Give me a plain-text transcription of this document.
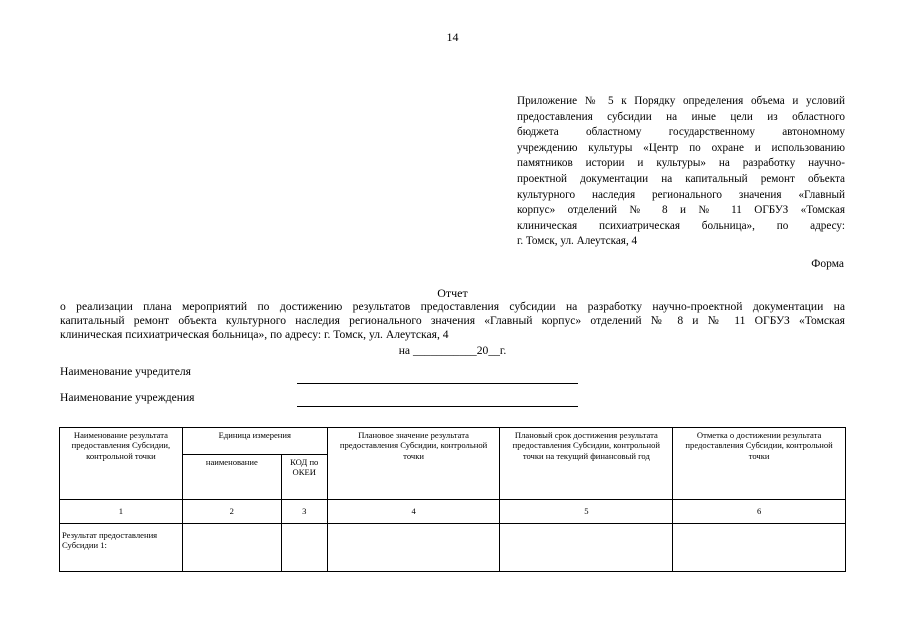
14
Приложение № 5 к Порядку определения объема и условий
предоставления субсидии на иные цели из областного
бюджета областному государственному автономному
учреждению культуры «Центр по охране и использованию
памятников истории и культуры» на разработку научно-
проектной документации на капитальный ремонт объекта
культурного наследия регионального значения «Главный
корпус» отделений № 8 и № 11 ОГБУЗ «Томская
клиническая психиатрическая больница», по адресу:
г. Томск, ул. Алеутская, 4
Форма
Отчет
о реализации плана мероприятий по достижению результатов предоставления субсидии на разработку научно-проектной документации на
капитальный ремонт объекта культурного наследия регионального значения «Главный корпус» отделений № 8 и № 11 ОГБУЗ «Томская
клиническая психиатрическая больница», по адресу: г. Томск, ул. Алеутская, 4
на ___________20__г.
Наименование учредителя
Наименование учреждения
Наименование результата предоставления Субсидии, контрольной точки	Единица измерения		Плановое значение результата предоставления Субсидии, контрольной точки	Плановый срок достижения результата предоставления Субсидии, контрольной точки на текущий финансовый год	Отметка о достижении результата предоставления Субсидии, контрольной точки
	наименование	КОД по ОКЕИ			
1	2	3	4	5	6
Результат предоставления Субсидии 1:					
